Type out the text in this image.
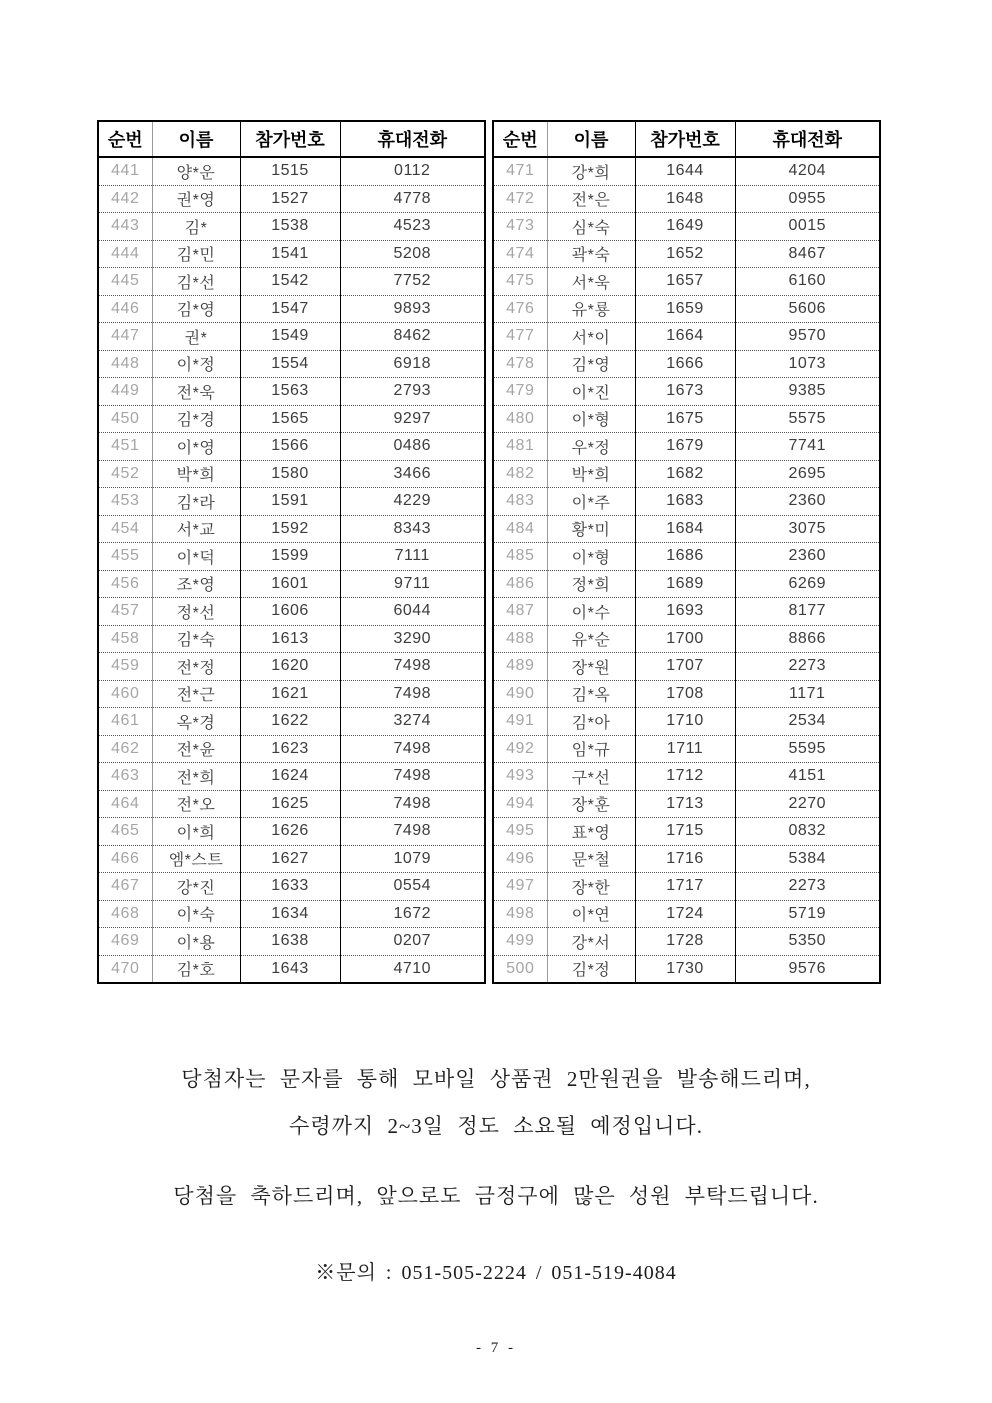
순번	이름	참가번호	휴대전화
441	양*운	1515	0112
442	권*영	1527	4778
443	김*	1538	4523
444	김*민	1541	5208
445	김*선	1542	7752
446	김*영	1547	9893
447	권*	1549	8462
448	이*정	1554	6918
449	전*욱	1563	2793
450	김*경	1565	9297
451	이*영	1566	0486
452	박*희	1580	3466
453	김*라	1591	4229
454	서*교	1592	8343
455	이*덕	1599	7111
456	조*영	1601	9711
457	정*선	1606	6044
458	김*숙	1613	3290
459	전*정	1620	7498
460	전*근	1621	7498
461	옥*경	1622	3274
462	전*윤	1623	7498
463	전*희	1624	7498
464	전*오	1625	7498
465	이*희	1626	7498
466	엠*스트	1627	1079
467	강*진	1633	0554
468	이*숙	1634	1672
469	이*용	1638	0207
470	김*호	1643	4710
순번	이름	참가번호	휴대전화
471	강*희	1644	4204
472	전*은	1648	0955
473	심*숙	1649	0015
474	곽*숙	1652	8467
475	서*욱	1657	6160
476	유*룡	1659	5606
477	서*이	1664	9570
478	김*영	1666	1073
479	이*진	1673	9385
480	이*형	1675	5575
481	우*정	1679	7741
482	박*희	1682	2695
483	이*주	1683	2360
484	황*미	1684	3075
485	이*형	1686	2360
486	정*희	1689	6269
487	이*수	1693	8177
488	유*순	1700	8866
489	장*원	1707	2273
490	김*옥	1708	1171
491	김*아	1710	2534
492	임*규	1711	5595
493	구*선	1712	4151
494	장*훈	1713	2270
495	표*영	1715	0832
496	문*철	1716	5384
497	장*한	1717	2273
498	이*연	1724	5719
499	강*서	1728	5350
500	김*정	1730	9576

당첨자는 문자를 통해 모바일 상품권 2만원권을 발송해드리며,

수령까지 2~3일 정도 소요될 예정입니다.

당첨을 축하드리며, 앞으로도 금정구에 많은 성원 부탁드립니다.

※문의 : 051-505-2224 / 051-519-4084

- 7 -
